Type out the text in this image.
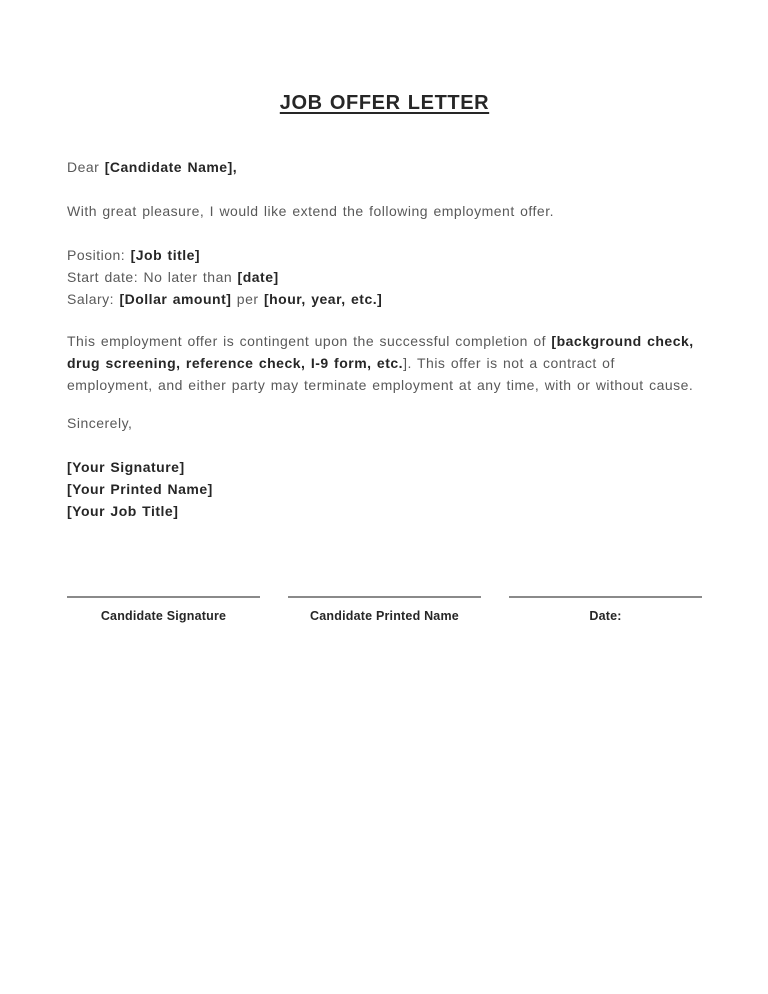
JOB OFFER LETTER

Dear [Candidate Name],

With great pleasure, I would like extend the following employment offer.

Position: [Job title]
Start date: No later than [date]
Salary: [Dollar amount] per [hour, year, etc.]

This employment offer is contingent upon the successful completion of [background check, drug screening, reference check, I-9 form, etc.]. This offer is not a contract of employment, and either party may terminate employment at any time, with or without cause.

Sincerely,

[Your Signature]
[Your Printed Name]
[Your Job Title]
Candidate Signature	Candidate Printed Name	Date:
